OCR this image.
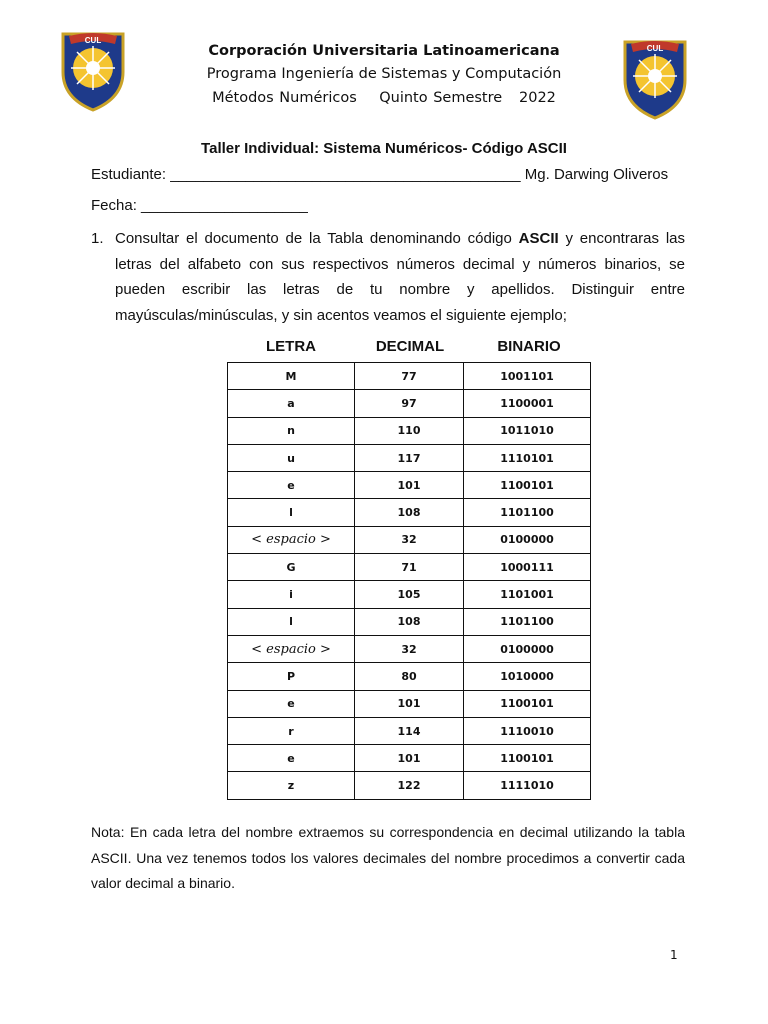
CUL
CUL
Corporación Universitaria Latinoamericana
Programa Ingeniería de Sistemas y Computación
Métodos Numéricos    Quinto Semestre   2022
Taller Individual: Sistema Numéricos- Código ASCII
Estudiante: __________________________________________ Mg. Darwing Oliveros
Fecha: ____________________
1. Consultar el documento de la Tabla denominando código ASCII y encontraras las letras del alfabeto con sus respectivos números decimal y números binarios, se pueden escribir las letras de tu nombre y apellidos. Distinguir entre mayúsculas/minúsculas, y sin acentos veamos el siguiente ejemplo;
LETRA	DECIMAL	BINARIO
M	77	1001101
a	97	1100001
n	110	1011010
u	117	1110101
e	101	1100101
l	108	1101100
< espacio >	32	0100000
G	71	1000111
i	105	1101001
l	108	1101100
< espacio >	32	0100000
P	80	1010000
e	101	1100101
r	114	1110010
e	101	1100101
z	122	1111010
Nota: En cada letra del nombre extraemos su correspondencia en decimal utilizando la tabla ASCII. Una vez tenemos todos los valores decimales del nombre procedimos a convertir cada valor decimal a binario.
1
